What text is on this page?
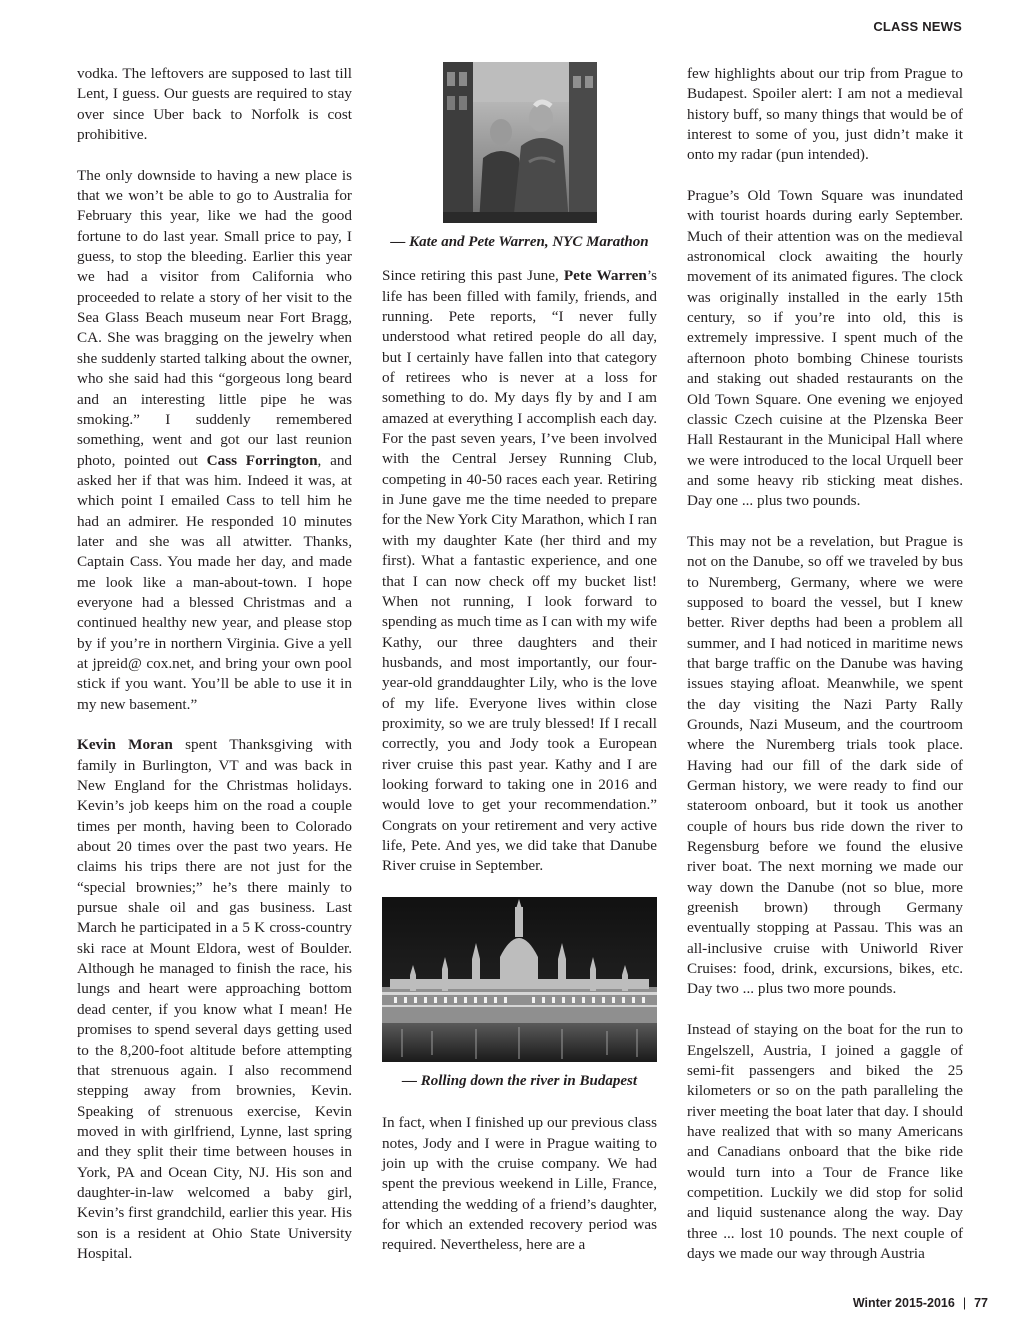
CLASS NEWS

vodka. The leftovers are supposed to last till Lent, I guess. Our guests are required to stay over since Uber back to Norfolk is cost prohibitive.

The only downside to having a new place is that we won’t be able to go to Australia for February this year, like we had the good fortune to do last year. Small price to pay, I guess, to stop the bleeding. Earlier this year we had a visitor from California who proceeded to relate a story of her visit to the Sea Glass Beach museum near Fort Bragg, CA. She was bragging on the jewelry when she suddenly started talking about the owner, who she said had this “gorgeous long beard and an interesting little pipe he was smoking.” I suddenly remembered something, went and got our last reunion photo, pointed out Cass Forrington, and asked her if that was him. Indeed it was, at which point I emailed Cass to tell him he had an admirer. He responded 10 minutes later and she was all atwitter. Thanks, Captain Cass. You made her day, and made me look like a man-about-town. I hope everyone had a blessed Christmas and a continued healthy new year, and please stop by if you’re in northern Virginia. Give a yell at jpreid@ cox.net, and bring your own pool stick if you want. You’ll be able to use it in my new basement.”

Kevin Moran spent Thanksgiving with family in Burlington, VT and was back in New England for the Christmas holidays. Kevin’s job keeps him on the road a couple times per month, having been to Colorado about 20 times over the past two years. He claims his trips there are not just for the “special brownies;” he’s there mainly to pursue shale oil and gas business. Last March he participated in a 5 K cross-country ski race at Mount Eldora, west of Boulder. Although he managed to finish the race, his lungs and heart were approaching bottom dead center, if you know what I mean! He promises to spend several days getting used to the 8,200-foot altitude before attempting that strenuous again. I also recommend stepping away from brownies, Kevin. Speaking of strenuous exercise, Kevin moved in with girlfriend, Lynne, last spring and they split their time between houses in York, PA and Ocean City, NJ. His son and daughter-in-law welcomed a baby girl, Kevin’s first grandchild, earlier this year. His son is a resident at Ohio State University Hospital.

— Kate and Pete Warren, NYC Marathon

Since retiring this past June, Pete Warren’s life has been filled with family, friends, and running. Pete reports, “I never fully understood what retired people do all day, but I certainly have fallen into that category of retirees who is never at a loss for something to do. My days fly by and I am amazed at everything I accomplish each day. For the past seven years, I’ve been involved with the Central Jersey Running Club, competing in 40-50 races each year. Retiring in June gave me the time needed to prepare for the New York City Marathon, which I ran with my daughter Kate (her third and my first). What a fantastic experience, and one that I can now check off my bucket list! When not running, I look forward to spending as much time as I can with my wife Kathy, our three daughters and their husbands, and most importantly, our four-year-old granddaughter Lily, who is the love of my life. Everyone lives within close proximity, so we are truly blessed! If I recall correctly, you and Jody took a European river cruise this past year. Kathy and I are looking forward to taking one in 2016 and would love to get your recommendation.” Congrats on your retirement and very active life, Pete. And yes, we did take that Danube River cruise in September.

— Rolling down the river in Budapest

In fact, when I finished up our previous class notes, Jody and I were in Prague waiting to join up with the cruise company. We had spent the previous weekend in Lille, France, attending the wedding of a friend’s daughter, for which an extended recovery period was required. Nevertheless, here are a

few highlights about our trip from Prague to Budapest. Spoiler alert: I am not a medieval history buff, so many things that would be of interest to some of you, just didn’t make it onto my radar (pun intended).

Prague’s Old Town Square was inundated with tourist hoards during early September. Much of their attention was on the medieval astronomical clock awaiting the hourly movement of its animated figures. The clock was originally installed in the early 15th century, so if you’re into old, this is extremely impressive. I spent much of the afternoon photo bombing Chinese tourists and staking out shaded restaurants on the Old Town Square. One evening we enjoyed classic Czech cuisine at the Plzenska Beer Hall Restaurant in the Municipal Hall where we were introduced to the local Urquell beer and some heavy rib sticking meat dishes. Day one ... plus two pounds.

This may not be a revelation, but Prague is not on the Danube, so off we traveled by bus to Nuremberg, Germany, where we were supposed to board the vessel, but I knew better. River depths had been a problem all summer, and I had noticed in maritime news that barge traffic on the Danube was having issues staying afloat. Meanwhile, we spent the day visiting the Nazi Party Rally Grounds, Nazi Museum, and the courtroom where the Nuremberg trials took place. Having had our fill of the dark side of German history, we were ready to find our stateroom onboard, but it took us another couple of hours bus ride down the river to Regensburg before we found the elusive river boat. The next morning we made our way down the Danube (not so blue, more greenish brown) through Germany eventually stopping at Passau. This was an all-inclusive cruise with Uniworld River Cruises: food, drink, excursions, bikes, etc. Day two ... plus two more pounds.

Instead of staying on the boat for the run to Engelszell, Austria, I joined a gaggle of semi-fit passengers and biked the 25 kilometers or so on the path paralleling the river meeting the boat later that day. I should have realized that with so many Americans and Canadians onboard that the bike ride would turn into a Tour de France like competition. Luckily we did stop for solid and liquid sustenance along the way. Day three ... lost 10 pounds. The next couple of days we made our way through Austria

Winter 2015-2016 | 77
